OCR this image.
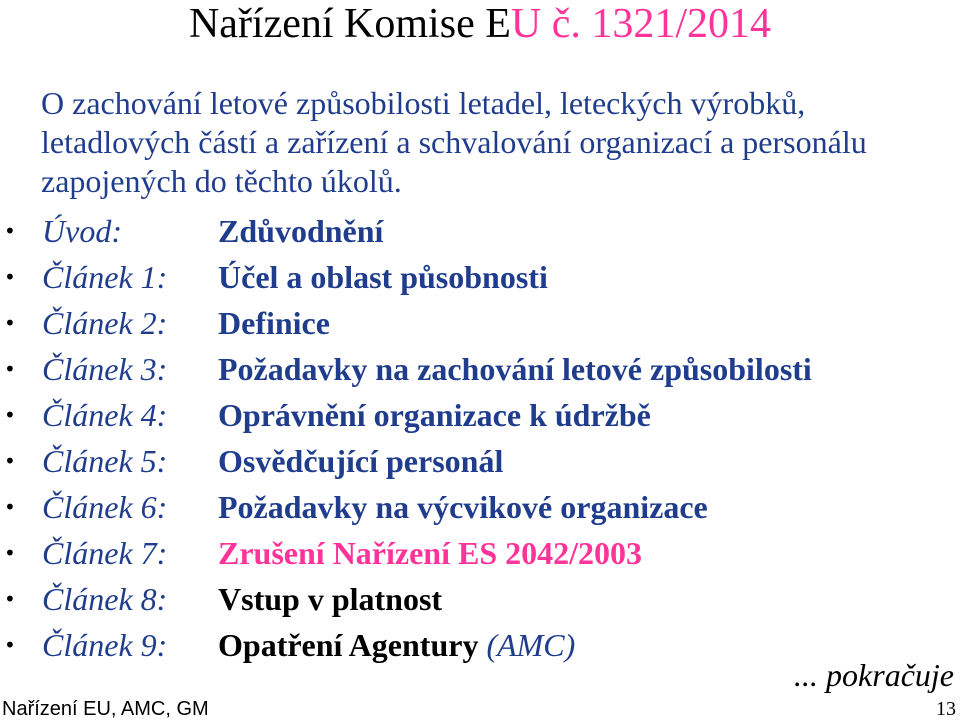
Nařízení Komise EU č. 1321/2014
O zachování letové způsobilosti letadel, leteckých výrobků, letadlových částí a zařízení a schvalování organizací a personálu zapojených do těchto úkolů.
• Úvod:	Zdůvodnění
• Článek 1: Účel a oblast působnosti
• Článek 2: Definice
• Článek 3: Požadavky na zachování letové způsobilosti
• Článek 4: Oprávnění organizace k údržbě
• Článek 5: Osvědčující personál
• Článek 6: Požadavky na výcvikové organizace
• Článek 7: Zrušení Nařízení ES 2042/2003
• Článek 8: Vstup v platnost
• Článek 9: Opatření Agentury (AMC)
... pokračuje
Nařízení EU, AMC, GM	13
